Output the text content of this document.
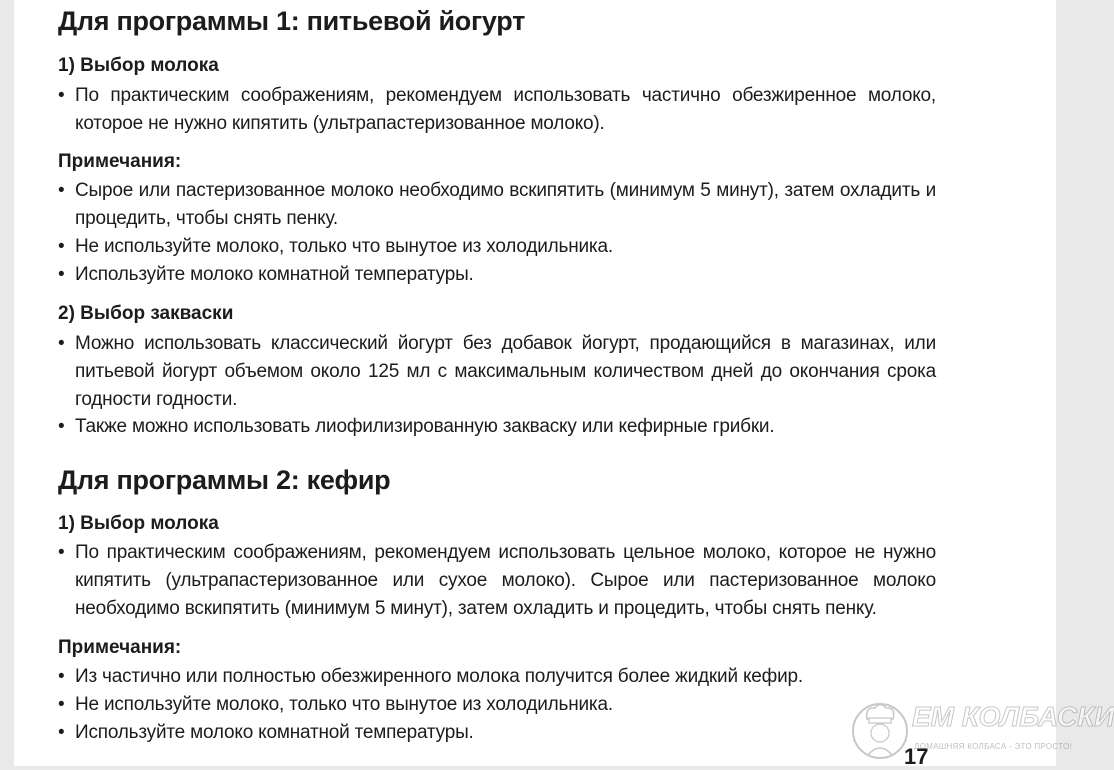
Для программы 1: питьевой йогурт
1) Выбор молока
• По практическим соображениям, рекомендуем использовать частично обезжиренное молоко, которое не нужно кипятить (ультрапастеризованное молоко).
Примечания:
• Сырое или пастеризованное молоко необходимо вскипятить (минимум 5 минут), затем охладить и процедить, чтобы снять пенку.
• Не используйте молоко, только что вынутое из холодильника.
• Используйте молоко комнатной температуры.
2) Выбор закваски
• Можно использовать классический йогурт без добавок йогурт, продающийся в магазинах, или питьевой йогурт объемом около 125 мл с максимальным количеством дней до окончания срока годности годности.
• Также можно использовать лиофилизированную закваску или кефирные грибки.
Для программы 2: кефир
1) Выбор молока
• По практическим соображениям, рекомендуем использовать цельное молоко, которое не нужно кипятить (ультрапастеризованное или сухое молоко). Сырое или пастеризованное молоко необходимо вскипятить (минимум 5 минут), затем охладить и процедить, чтобы снять пенку.
Примечания:
• Из частично или полностью обезжиренного молока получится более жидкий кефир.
• Не используйте молоко, только что вынутое из холодильника.
• Используйте молоко комнатной температуры.
ЕМ КОЛБАСКИ
ДОМАШНЯЯ КОЛБАСА - ЭТО ПРОСТО!
17
